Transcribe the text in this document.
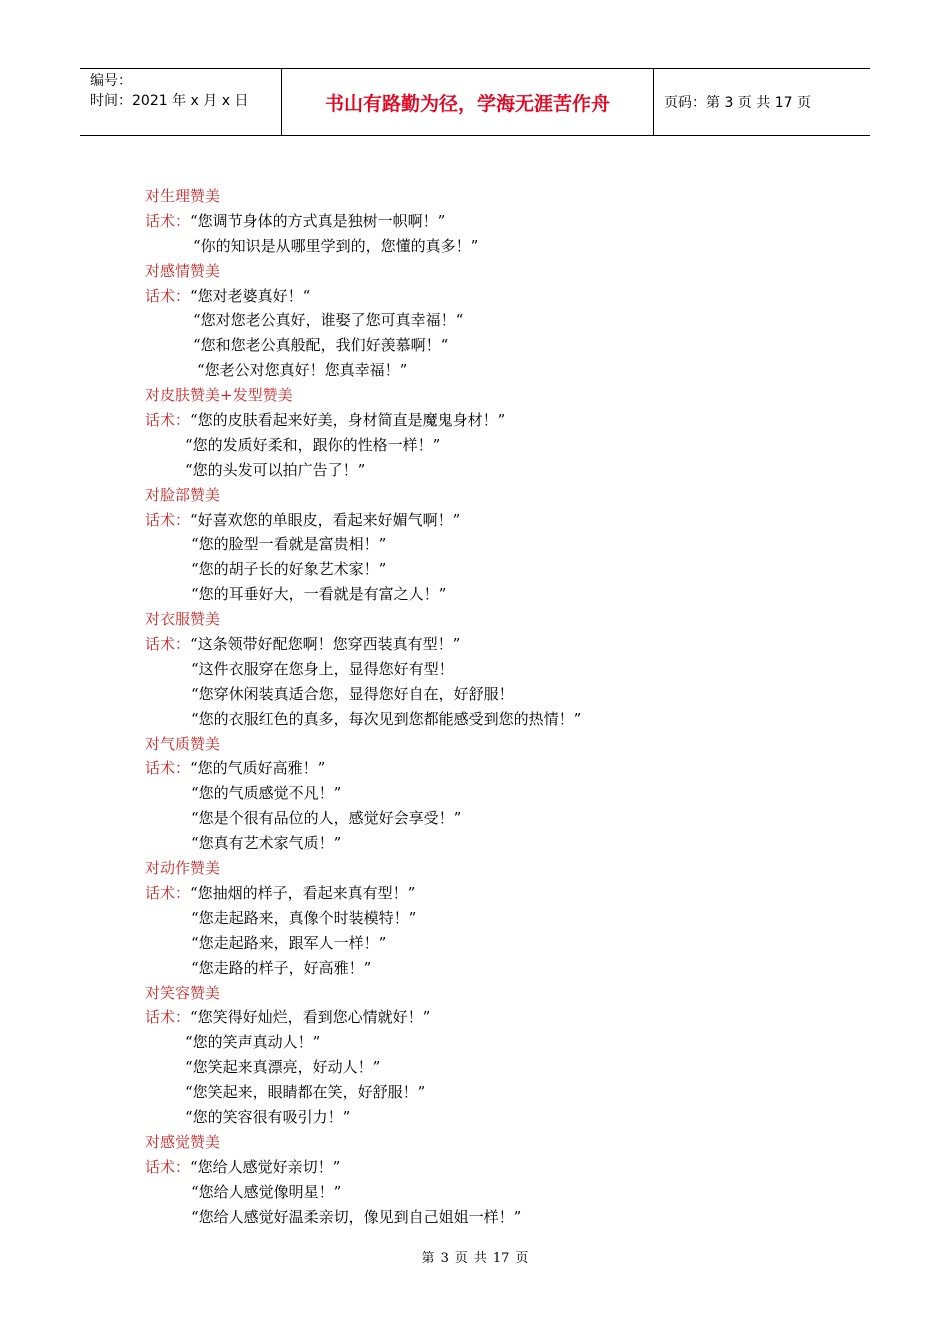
编号：
时间：2021 年 x 月 x 日	书山有路勤为径，学海无涯苦作舟	页码：第 3 页 共 17 页
对生理赞美
话术：“您调节身体的方式真是独树一帜啊！”
“你的知识是从哪里学到的，您懂的真多！”
对感情赞美
话术：“您对老婆真好！“
“您对您老公真好，谁娶了您可真幸福！“
“您和您老公真般配，我们好羡慕啊！“
“您老公对您真好！您真幸福！”
对皮肤赞美+发型赞美
话术：“您的皮肤看起来好美，身材简直是魔鬼身材！”
“您的发质好柔和，跟你的性格一样！”
“您的头发可以拍广告了！”
对脸部赞美
话术：“好喜欢您的单眼皮，看起来好媚气啊！”
“您的脸型一看就是富贵相！”
“您的胡子长的好象艺术家！”
“您的耳垂好大，一看就是有富之人！”
对衣服赞美
话术：“这条领带好配您啊！您穿西装真有型！”
“这件衣服穿在您身上，显得您好有型！
“您穿休闲装真适合您，显得您好自在，好舒服！
“您的衣服红色的真多，每次见到您都能感受到您的热情！”
对气质赞美
话术：“您的气质好高雅！”
“您的气质感觉不凡！”
“您是个很有品位的人，感觉好会享受！”
“您真有艺术家气质！”
对动作赞美
话术：“您抽烟的样子，看起来真有型！”
“您走起路来，真像个时装模特！”
“您走起路来，跟军人一样！”
“您走路的样子，好高雅！”
对笑容赞美
话术：“您笑得好灿烂，看到您心情就好！”
“您的笑声真动人！”
“您笑起来真漂亮，好动人！”
“您笑起来，眼睛都在笑，好舒服！”
“您的笑容很有吸引力！”
对感觉赞美
话术：“您给人感觉好亲切！”
“您给人感觉像明星！”
“您给人感觉好温柔亲切，像见到自己姐姐一样！”
第 3 页 共 17 页
